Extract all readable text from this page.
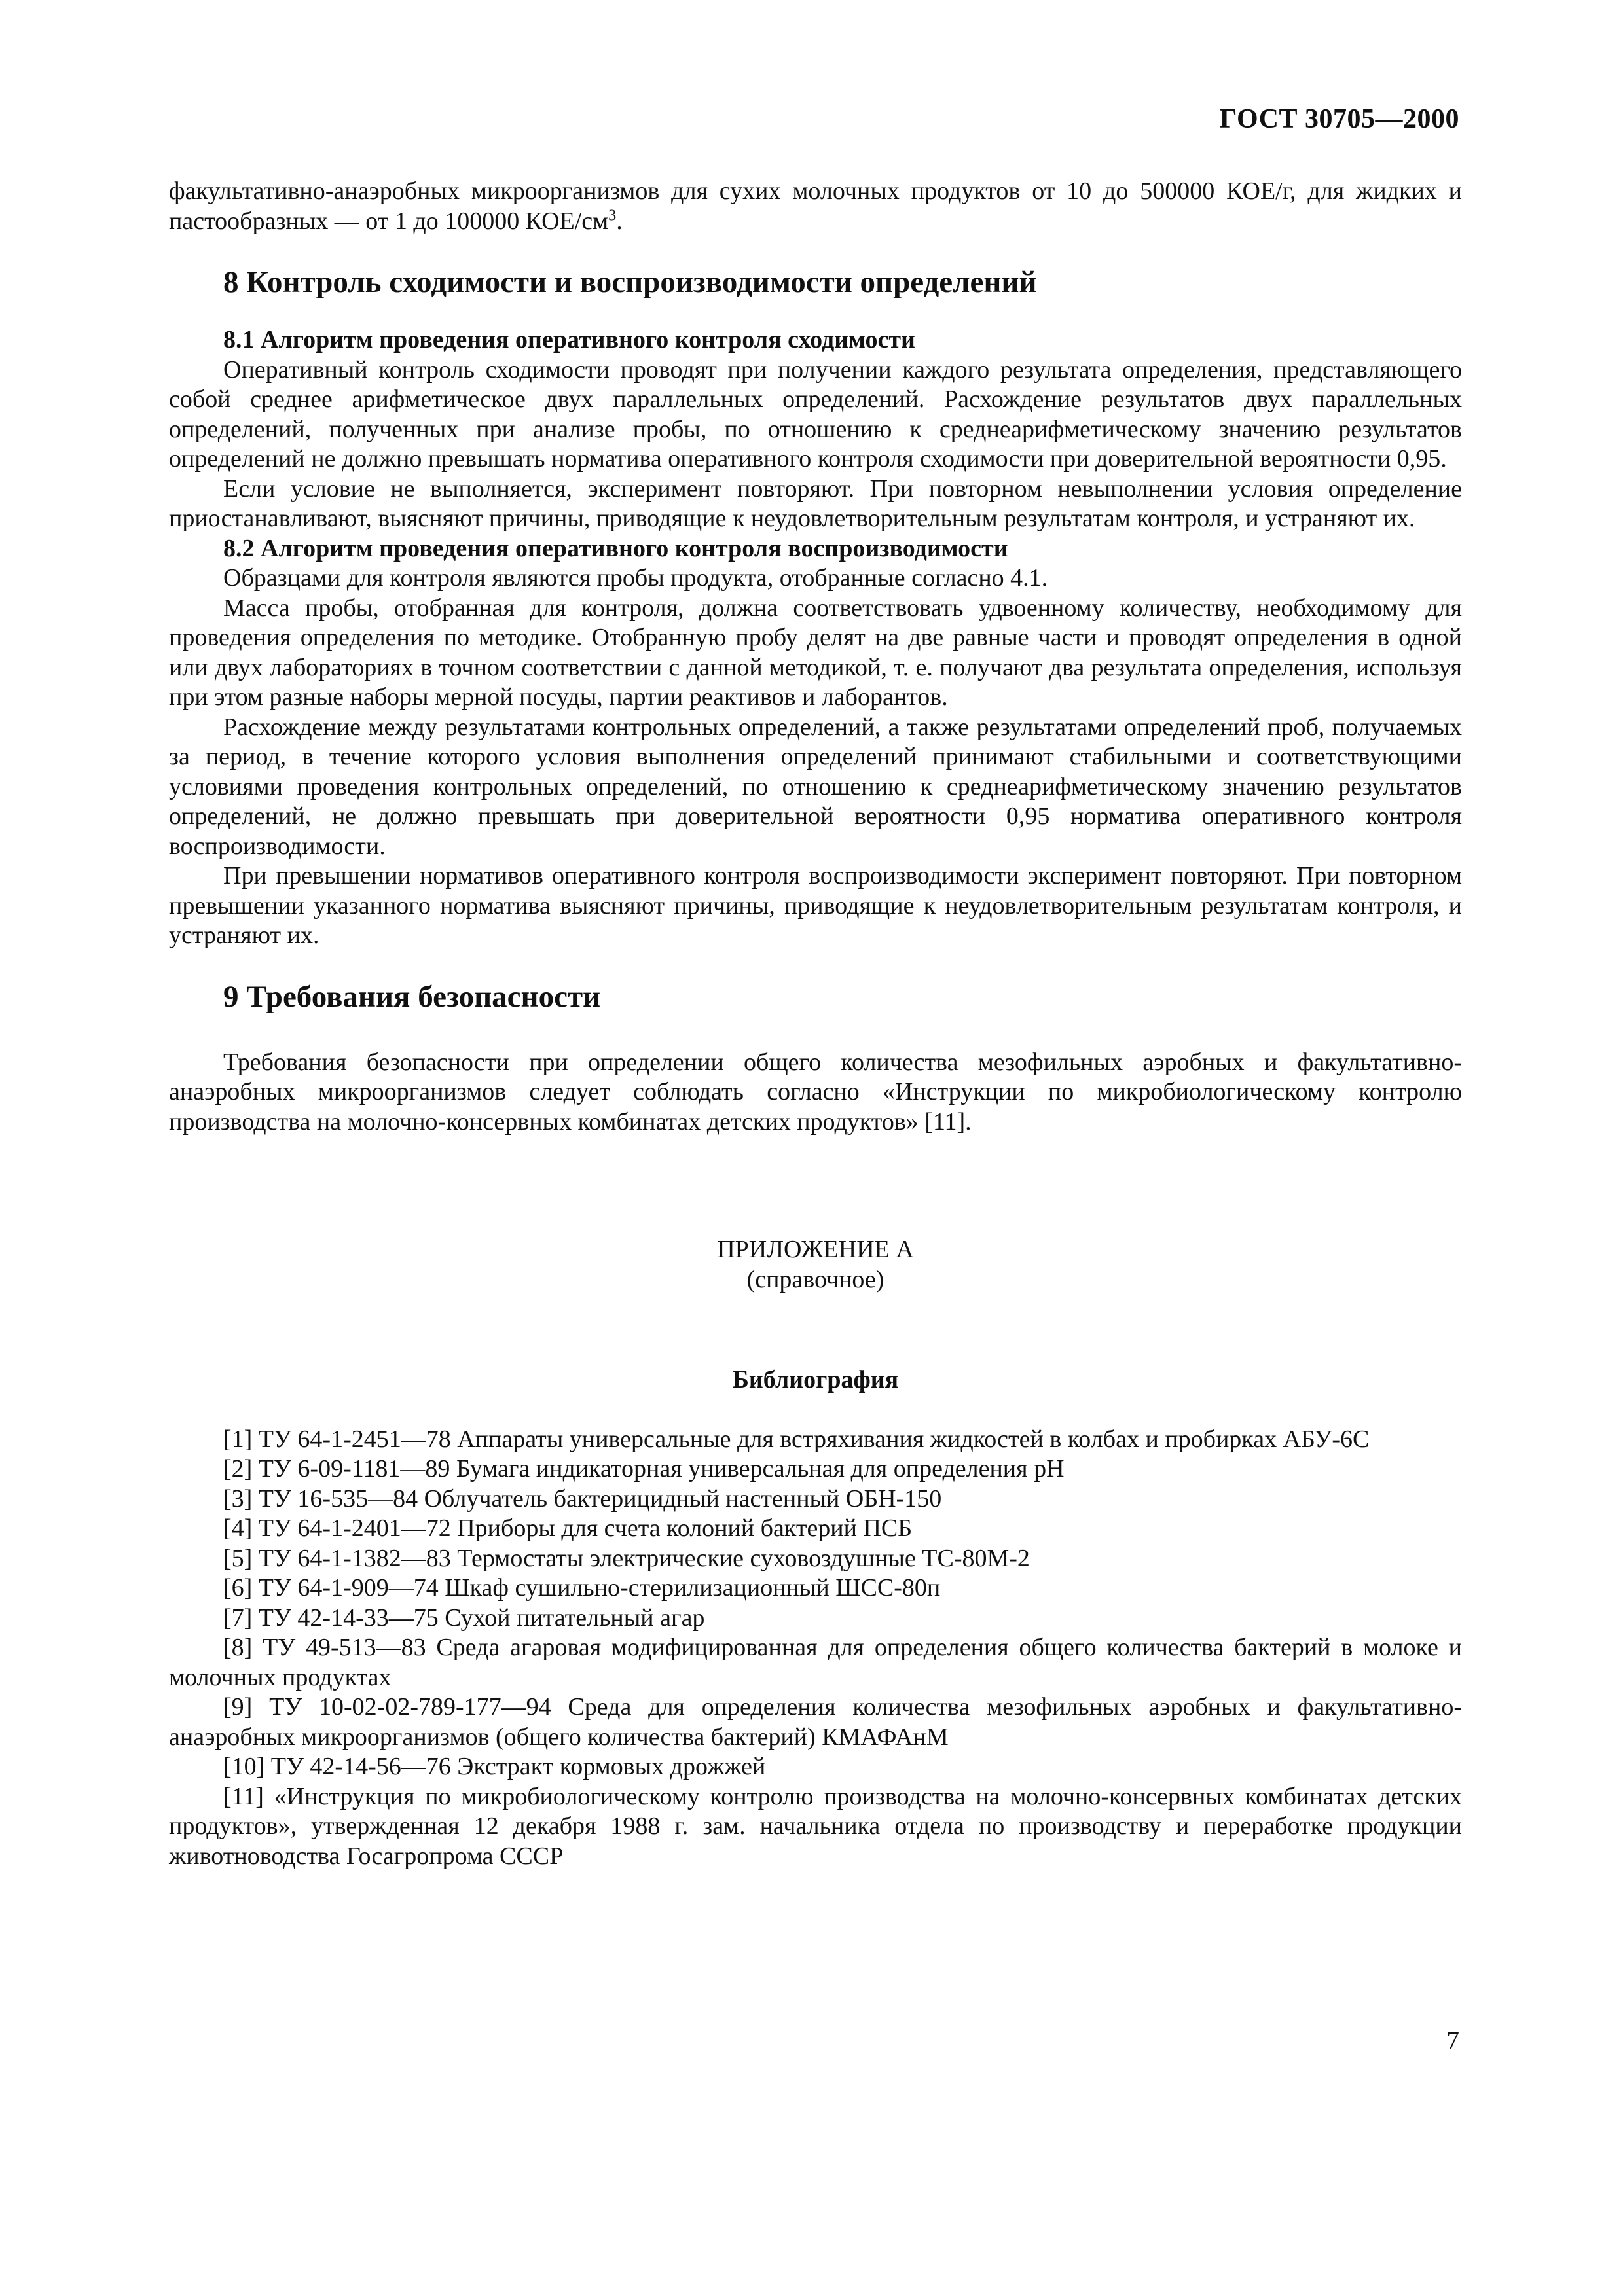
ГОСТ 30705—2000

факультативно-анаэробных микроорганизмов для сухих молочных продуктов от 10 до 500000 КОЕ/г, для жидких и пастообразных — от 1 до 100000 КОЕ/$см^3$.

8 Контроль сходимости и воспроизводимости определений
8.1 Алгоритм проведения оперативного контроля сходимости

Оперативный контроль сходимости проводят при получении каждого результата определения, представляющего собой среднее арифметическое двух параллельных определений. Расхождение результатов двух параллельных определений, полученных при анализе пробы, по отношению к среднеарифметическому значению результатов определений не должно превышать норматива оперативного контроля сходимости при доверительной вероятности 0,95.

Если условие не выполняется, эксперимент повторяют. При повторном невыполнении условия определение приостанавливают, выясняют причины, приводящие к неудовлетворительным результатам контроля, и устраняют их.

8.2 Алгоритм проведения оперативного контроля воспроизводимости

Образцами для контроля являются пробы продукта, отобранные согласно 4.1.

Масса пробы, отобранная для контроля, должна соответствовать удвоенному количеству, необходимому для проведения определения по методике. Отобранную пробу делят на две равные части и проводят определения в одной или двух лабораториях в точном соответствии с данной методикой, т. е. получают два результата определения, используя при этом разные наборы мерной посуды, партии реактивов и лаборантов.

Расхождение между результатами контрольных определений, а также результатами определений проб, получаемых за период, в течение которого условия выполнения определений принимают стабильными и соответствующими условиями проведения контрольных определений, по отношению к среднеарифметическому значению результатов определений, не должно превышать при доверительной вероятности 0,95 норматива оперативного контроля воспроизводимости.

При превышении нормативов оперативного контроля воспроизводимости эксперимент повторяют. При повторном превышении указанного норматива выясняют причины, приводящие к неудовлетворительным результатам контроля, и устраняют их.

9 Требования безопасности

Требования безопасности при определении общего количества мезофильных аэробных и факультативно-анаэробных микроорганизмов следует соблюдать согласно «Инструкции по микробиологическому контролю производства на молочно-консервных комбинатах детских продуктов» [11].

ПРИЛОЖЕНИЕ А
(справочное)
Библиография

[1] ТУ 64-1-2451—78 Аппараты универсальные для встряхивания жидкостей в колбах и пробирках АБУ-6С

[2] ТУ 6-09-1181—89 Бумага индикаторная универсальная для определения pH

[3] ТУ 16-535—84 Облучатель бактерицидный настенный ОБН-150

[4] ТУ 64-1-2401—72 Приборы для счета колоний бактерий ПСБ

[5] ТУ 64-1-1382—83 Термостаты электрические суховоздушные ТС-80М-2

[6] ТУ 64-1-909—74 Шкаф сушильно-стерилизационный ШСС-80п

[7] ТУ 42-14-33—75 Сухой питательный агар

[8] ТУ 49-513—83 Среда агаровая модифицированная для определения общего количества бактерий в молоке и молочных продуктах

[9] ТУ 10-02-02-789-177—94 Среда для определения количества мезофильных аэробных и факультативно-анаэробных микроорганизмов (общего количества бактерий) КМАФАнМ

[10] ТУ 42-14-56—76 Экстракт кормовых дрожжей

[11] «Инструкция по микробиологическому контролю производства на молочно-консервных комбинатах детских продуктов», утвержденная 12 декабря 1988 г. зам. начальника отдела по производству и переработке продукции животноводства Госагропрома СССР

7
